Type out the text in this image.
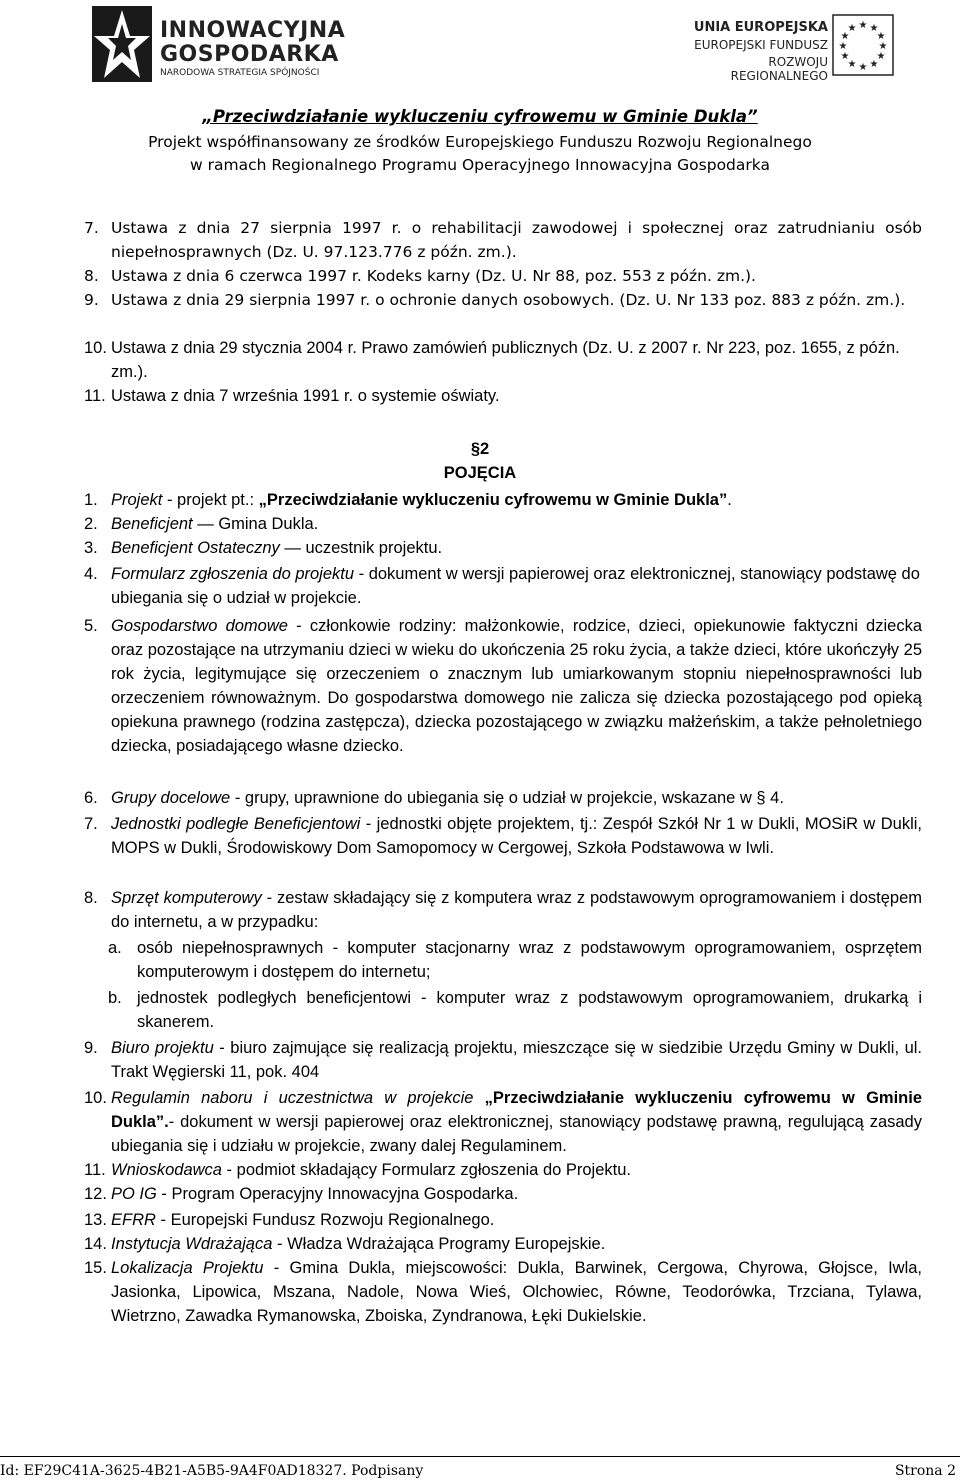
INNOWACYJNA
GOSPODARKA
NARODOWA STRATEGIA SPÓJNOŚCI
UNIA EUROPEJSKA
EUROPEJSKI FUNDUSZ
ROZWOJU REGIONALNEGO
★ ★
★
★
★
★
★
★
★
★
★
★
„Przeciwdziałanie wykluczeniu cyfrowemu w Gminie Dukla”
Projekt współfinansowany ze środków Europejskiego Funduszu Rozwoju Regionalnego
w ramach Regionalnego Programu Operacyjnego Innowacyjna Gospodarka
7. Ustawa z dnia 27 sierpnia 1997 r. o rehabilitacji zawodowej i społecznej oraz zatrudnianiu osób niepełnosprawnych (Dz. U. 97.123.776 z późn. zm.).
8. Ustawa z dnia 6 czerwca 1997 r. Kodeks karny (Dz. U. Nr 88, poz. 553 z późn. zm.).
9. Ustawa z dnia 29 sierpnia 1997 r. o ochronie danych osobowych. (Dz. U. Nr 133 poz. 883 z późn. zm.).
10. Ustawa z dnia 29 stycznia 2004 r. Prawo zamówień publicznych (Dz. U. z 2007 r. Nr 223, poz. 1655, z późn. zm.).
11. Ustawa z dnia 7 września 1991 r. o systemie oświaty.
§2
POJĘCIA
1. Projekt - projekt pt.: „Przeciwdziałanie wykluczeniu cyfrowemu w Gminie Dukla”.
2. Beneficjent — Gmina Dukla.
3. Beneficjent Ostateczny — uczestnik projektu.
4. Formularz zgłoszenia do projektu - dokument w wersji papierowej oraz elektronicznej, stanowiący podstawę do ubiegania się o udział w projekcie.
5. Gospodarstwo domowe - członkowie rodziny: małżonkowie, rodzice, dzieci, opiekunowie faktyczni dziecka oraz pozostające na utrzymaniu dzieci w wieku do ukończenia 25 roku życia, a także dzieci, które ukończyły 25 rok życia, legitymujące się orzeczeniem o znacznym lub umiarkowanym stopniu niepełnosprawności lub orzeczeniem równoważnym. Do gospodarstwa domowego nie zalicza się dziecka pozostającego pod opieką opiekuna prawnego (rodzina zastępcza), dziecka pozostającego w związku małżeńskim, a także pełnoletniego dziecka, posiadającego własne dziecko.
6. Grupy docelowe - grupy, uprawnione do ubiegania się o udział w projekcie, wskazane w § 4.
7. Jednostki podległe Beneficjentowi - jednostki objęte projektem, tj.: Zespół Szkół Nr 1 w Dukli, MOSiR w Dukli, MOPS w Dukli, Środowiskowy Dom Samopomocy w Cergowej, Szkoła Podstawowa w Iwli.
8. Sprzęt komputerowy - zestaw składający się z komputera wraz z podstawowym oprogramowaniem i dostępem do internetu, a w przypadku:
a. osób niepełnosprawnych - komputer stacjonarny wraz z podstawowym oprogramowaniem, osprzętem komputerowym i dostępem do internetu;
b. jednostek podległych beneficjentowi - komputer wraz z podstawowym oprogramowaniem, drukarką i skanerem.
9. Biuro projektu - biuro zajmujące się realizacją projektu, mieszczące się w siedzibie Urzędu Gminy w Dukli, ul. Trakt Węgierski 11, pok. 404
10. Regulamin naboru i uczestnictwa w projekcie „Przeciwdziałanie wykluczeniu cyfrowemu w Gminie Dukla”.- dokument w wersji papierowej oraz elektronicznej, stanowiący podstawę prawną, regulującą zasady ubiegania się i udziału w projekcie, zwany dalej Regulaminem.
11. Wnioskodawca - podmiot składający Formularz zgłoszenia do Projektu.
12. PO IG - Program Operacyjny Innowacyjna Gospodarka.
13. EFRR - Europejski Fundusz Rozwoju Regionalnego.
14. Instytucja Wdrażająca - Władza Wdrażająca Programy Europejskie.
15. Lokalizacja Projektu - Gmina Dukla, miejscowości: Dukla, Barwinek, Cergowa, Chyrowa, Głojsce, Iwla, Jasionka, Lipowica, Mszana, Nadole, Nowa Wieś, Olchowiec, Równe, Teodorówka, Trzciana, Tylawa, Wietrzno, Zawadka Rymanowska, Zboiska, Zyndranowa, Łęki Dukielskie.
Id: EF29C41A-3625-4B21-A5B5-9A4F0AD18327. Podpisany	Strona 2
